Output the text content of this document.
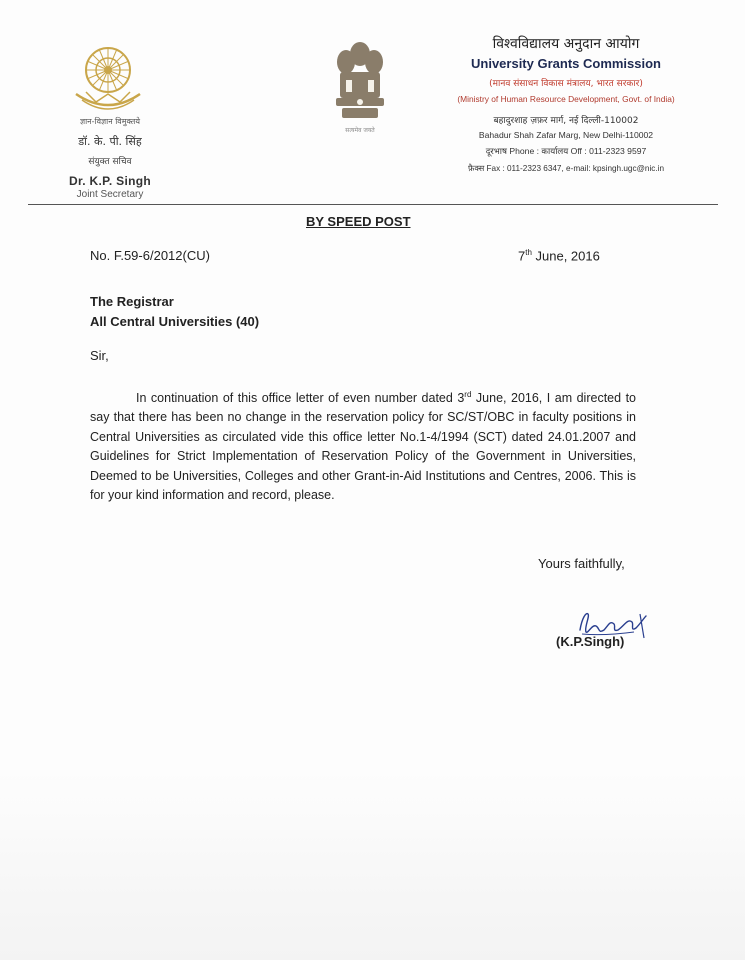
सत्यमेव जयते
ज्ञान-विज्ञान विमुक्तये
डॉ. के. पी. सिंह
संयुक्त सचिव
Dr. K.P. Singh
Joint Secretary
विश्वविद्यालय अनुदान आयोग
University Grants Commission
(मानव संसाधन विकास मंत्रालय, भारत सरकार)
(Ministry of Human Resource Development, Govt. of India)
बहादुरशाह ज़फ़र मार्ग, नई दिल्ली-110002
Bahadur Shah Zafar Marg, New Delhi-110002
दूरभाष Phone : कार्यालय Off : 011-2323 9597
फ़ैक्स Fax : 011-2323 6347, e-mail: kpsingh.ugc@nic.in
BY SPEED POST
No. F.59-6/2012(CU)	7th June, 2016
The Registrar
All Central Universities (40)
Sir,
In continuation of this office letter of even number dated 3rd June, 2016, I am directed to say that there has been no change in the reservation policy for SC/ST/OBC in faculty positions in Central Universities as circulated vide this office letter No.1-4/1994 (SCT) dated 24.01.2007 and Guidelines for Strict Implementation of Reservation Policy of the Government in Universities, Deemed to be Universities, Colleges and other Grant-in-Aid Institutions and Centres, 2006. This is for your kind information and record, please.
Yours faithfully,
(K.P.Singh)
